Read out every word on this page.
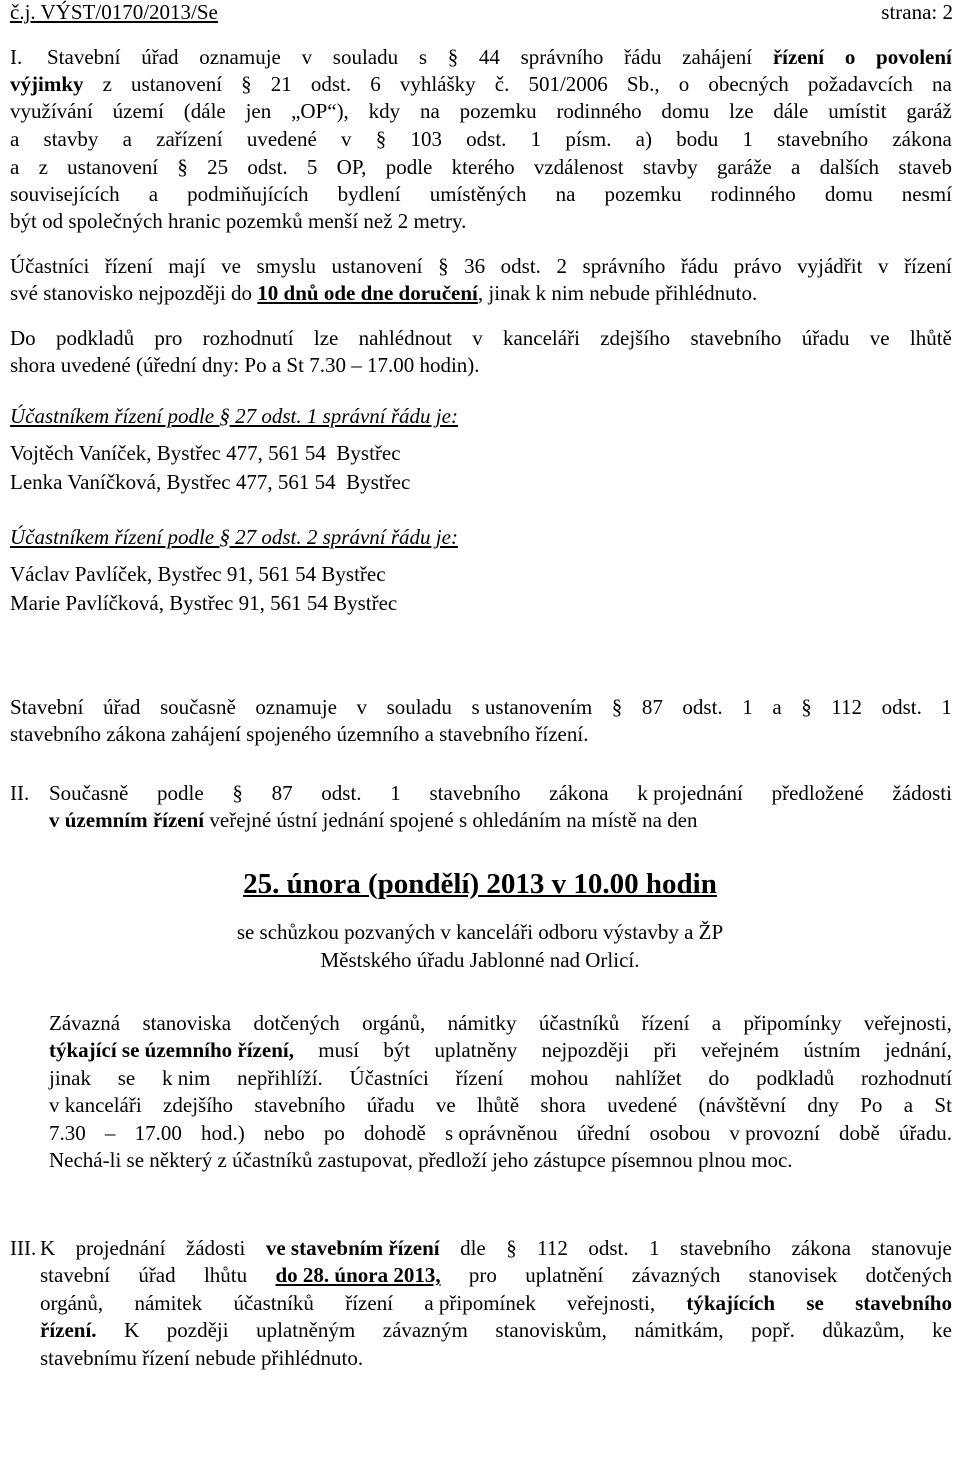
č.j. VÝST/0170/2013/Se	strana: 2
I. Stavební úřad oznamuje v souladu s § 44 správního řádu zahájení řízení o povolení
výjimky z ustanovení § 21 odst. 6 vyhlášky č. 501/2006 Sb., o obecných požadavcích na
využívání území (dále jen „OP“), kdy na pozemku rodinného domu lze dále umístit garáž
a stavby a zařízení uvedené v § 103 odst. 1 písm. a) bodu 1 stavebního zákona
a z ustanovení § 25 odst. 5 OP, podle kterého vzdálenost stavby garáže a dalších staveb
souvisejících a podmiňujících bydlení umístěných na pozemku rodinného domu nesmí
být od společných hranic pozemků menší než 2 metry.
Účastníci řízení mají ve smyslu ustanovení § 36 odst. 2 správního řádu právo vyjádřit v řízení
své stanovisko nejpozději do 10 dnů ode dne doručení, jinak k nim nebude přihlédnuto.
Do podkladů pro rozhodnutí lze nahlédnout v kanceláři zdejšího stavebního úřadu ve lhůtě
shora uvedené (úřední dny: Po a St 7.30 – 17.00 hodin).
Účastníkem řízení podle § 27 odst. 1 správní řádu je:
Vojtěch Vaníček, Bystřec 477, 561 54  Bystřec
Lenka Vaníčková, Bystřec 477, 561 54  Bystřec
Účastníkem řízení podle § 27 odst. 2 správní řádu je:
Václav Pavlíček, Bystřec 91, 561 54 Bystřec
Marie Pavlíčková, Bystřec 91, 561 54 Bystřec
Stavební úřad současně oznamuje v souladu s ustanovením § 87 odst. 1 a § 112 odst. 1
stavebního zákona zahájení spojeného územního a stavebního řízení.
II. Současně podle § 87 odst. 1 stavebního zákona k projednání předložené žádosti
v územním řízení veřejné ústní jednání spojené s ohledáním na místě na den
25. února (pondělí) 2013 v 10.00 hodin
se schůzkou pozvaných v kanceláři odboru výstavby a ŽP
Městského úřadu Jablonné nad Orlicí.
Závazná stanoviska dotčených orgánů, námitky účastníků řízení a připomínky veřejnosti,
týkající se územního řízení, musí být uplatněny nejpozději při veřejném ústním jednání,
jinak se k nim nepřihlíží. Účastníci řízení mohou nahlížet do podkladů rozhodnutí
v kanceláři zdejšího stavebního úřadu ve lhůtě shora uvedené (návštěvní dny Po a St
7.30 – 17.00 hod.) nebo po dohodě s oprávněnou úřední osobou v provozní době úřadu.
Nechá-li se některý z účastníků zastupovat, předloží jeho zástupce písemnou plnou moc.
III. K projednání žádosti ve stavebním řízení dle § 112 odst. 1 stavebního zákona stanovuje
stavební úřad lhůtu do 28. února 2013, pro uplatnění závazných stanovisek dotčených
orgánů, námitek účastníků řízení a připomínek veřejnosti, týkajících se stavebního
řízení. K později uplatněným závazným stanoviskům, námitkám, popř. důkazům, ke
stavebnímu řízení nebude přihlédnuto.
